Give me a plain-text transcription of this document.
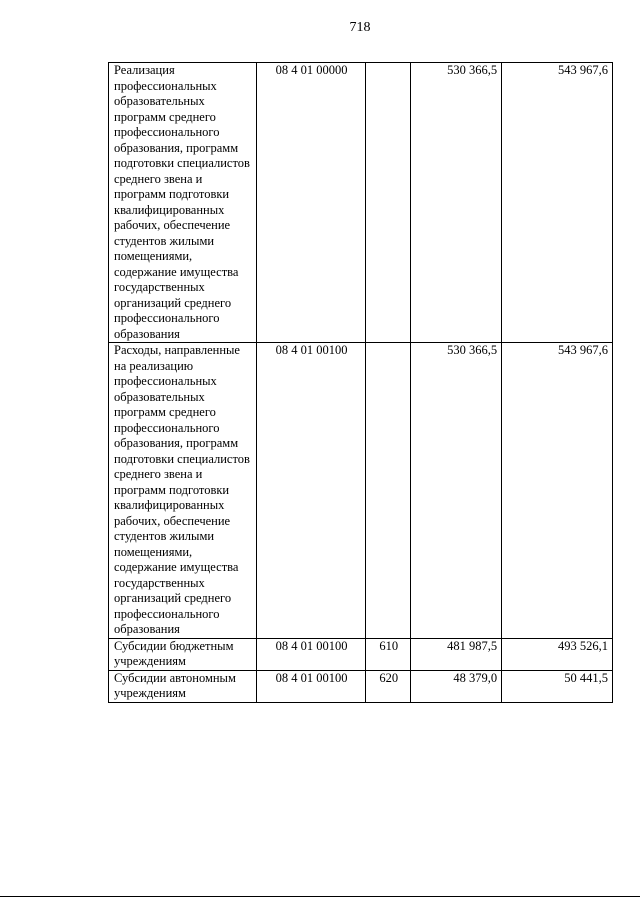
718
Реализация профессиональных образовательных программ среднего профессионального образования, программ подготовки специалистов среднего звена и программ подготовки квалифицированных рабочих, обеспечение студентов жилыми помещениями, содержание имущества государственных организаций среднего профессионального образования	08 4 01 00000		530 366,5	543 967,6
Расходы, направленные на реализацию профессиональных образовательных программ среднего профессионального образования, программ подготовки специалистов среднего звена и программ подготовки квалифицированных рабочих, обеспечение студентов жилыми помещениями, содержание имущества государственных организаций среднего профессионального образования	08 4 01 00100		530 366,5	543 967,6
Субсидии бюджетным учреждениям	08 4 01 00100	610	481 987,5	493 526,1
Субсидии автономным учреждениям	08 4 01 00100	620	48 379,0	50 441,5
